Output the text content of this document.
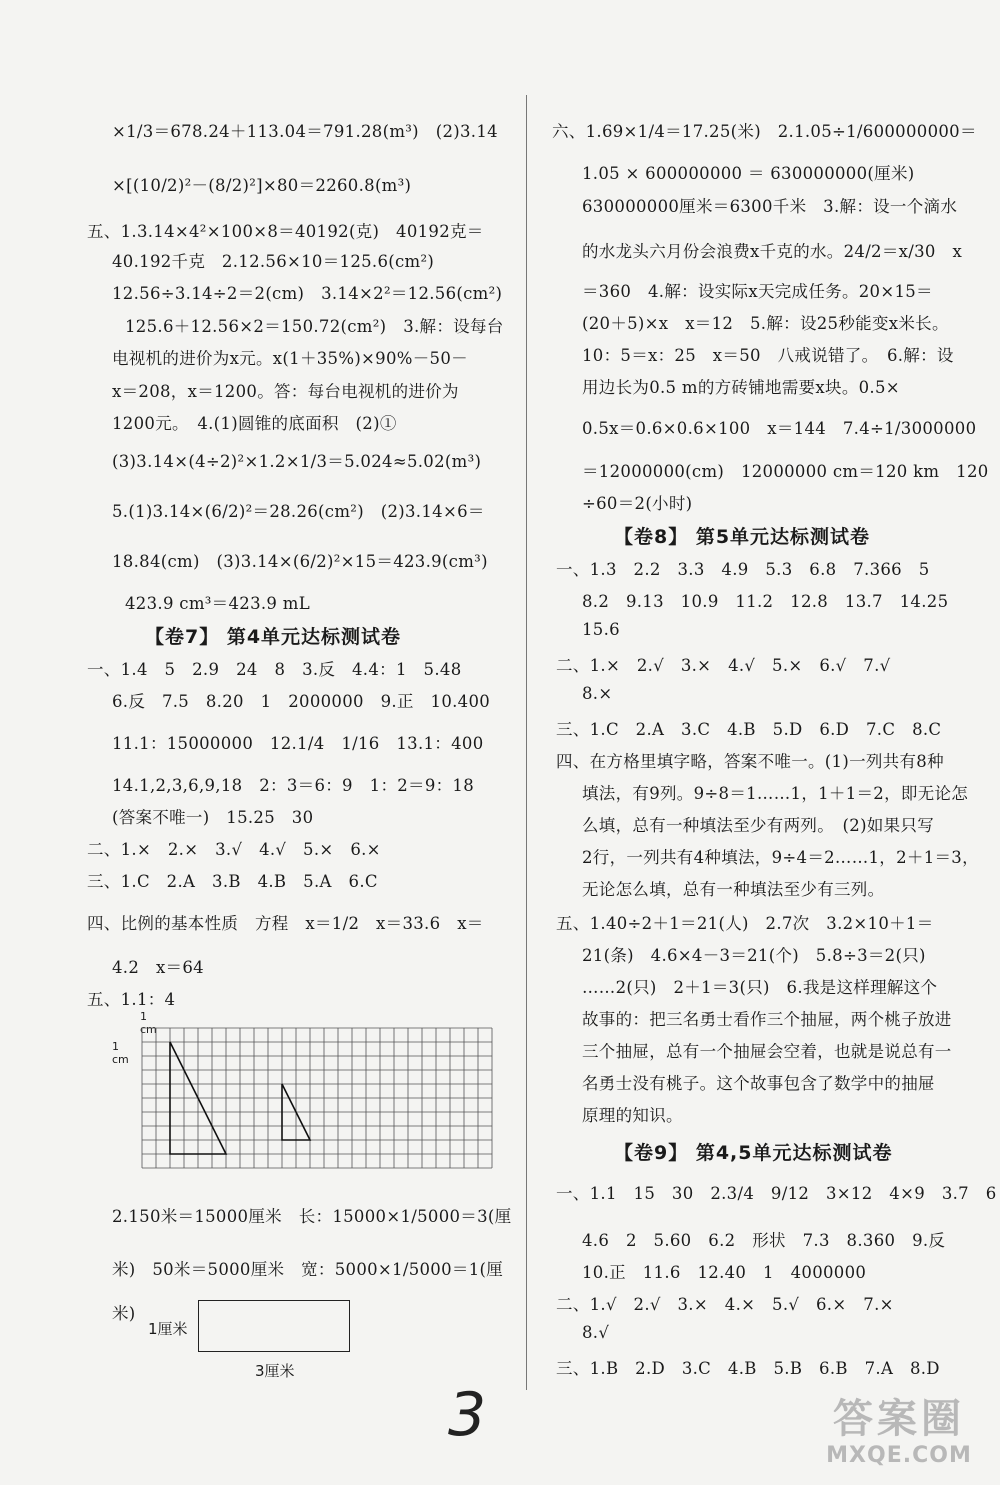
×1/3＝678.24＋113.04＝791.28(m³)　(2)3.14
×[(10/2)²－(8/2)²]×80＝2260.8(m³)
五、1.3.14×4²×100×8＝40192(克)　40192克＝
40.192千克　2.12.56×10＝125.6(cm²)
12.56÷3.14÷2＝2(cm)　3.14×2²＝12.56(cm²)
125.6＋12.56×2＝150.72(cm²)　3.解：设每台
电视机的进价为x元。x(1＋35%)×90%－50－
x＝208，x＝1200。答：每台电视机的进价为
1200元。　4.(1)圆锥的底面积　(2)①
(3)3.14×(4÷2)²×1.2×1/3＝5.024≈5.02(m³)
5.(1)3.14×(6/2)²＝28.26(cm²)　(2)3.14×6＝
18.84(cm)　(3)3.14×(6/2)²×15＝423.9(cm³)
423.9 cm³＝423.9 mL
【卷7】 第4单元达标测试卷
一、1.4　5　2.9　24　8　3.反　4.4：1　5.48
6.反　7.5　8.20　1　2000000　9.正　10.400
11.1：15000000　12.1/4　1/16　13.1：400
14.1,2,3,6,9,18　2：3＝6：9　1：2＝9：18
(答案不唯一)　15.25　30
二、1.×　2.×　3.√　4.√　5.×　6.×
三、1.C　2.A　3.B　4.B　5.A　6.C
四、比例的基本性质　方程　x＝1/2　x＝33.6　x＝
4.2　x＝64
五、1.1：4
2.150米＝15000厘米　长：15000×1/5000＝3(厘
米)　50米＝5000厘米　宽：5000×1/5000＝1(厘
米)
六、1.69×1/4＝17.25(米)　2.1.05÷1/600000000＝
1.05 × 600000000 ＝ 630000000(厘米)
630000000厘米＝6300千米　3.解：设一个滴水
的水龙头六月份会浪费x千克的水。24/2＝x/30　x
＝360　4.解：设实际x天完成任务。20×15＝
(20＋5)×x　x＝12　5.解：设25秒能变x米长。
10：5＝x：25　x＝50　八戒说错了。　6.解：设
用边长为0.5 m的方砖铺地需要x块。0.5×
0.5x＝0.6×0.6×100　x＝144　7.4÷1/3000000
＝12000000(cm)　12000000 cm＝120 km　120
÷60＝2(小时)
【卷8】 第5单元达标测试卷
一、1.3　2.2　3.3　4.9　5.3　6.8　7.366　5
8.2　9.13　10.9　11.2　12.8　13.7　14.25
15.6
二、1.×　2.√　3.×　4.√　5.×　6.√　7.√
8.×
三、1.C　2.A　3.C　4.B　5.D　6.D　7.C　8.C
四、在方格里填字略，答案不唯一。(1)一列共有8种
填法，有9列。9÷8＝1……1，1＋1＝2，即无论怎
么填，总有一种填法至少有两列。　(2)如果只写
2行，一列共有4种填法，9÷4＝2……1，2＋1＝3，
无论怎么填，总有一种填法至少有三列。
五、1.40÷2＋1＝21(人)　2.7次　3.2×10＋1＝
21(条)　4.6×4－3＝21(个)　5.8÷3＝2(只)
……2(只)　2＋1＝3(只)　6.我是这样理解这个
故事的：把三名勇士看作三个抽屉，两个桃子放进
三个抽屉，总有一个抽屉会空着，也就是说总有一
名勇士没有桃子。这个故事包含了数学中的抽屉
原理的知识。
【卷9】 第4,5单元达标测试卷
一、1.1　15　30　2.3/4　9/12　3×12　4×9　3.7　6
4.6　2　5.60　6.2　形状　7.3　8.360　9.反
10.正　11.6　12.40　1　4000000
二、1.√　2.√　3.×　4.×　5.√　6.×　7.×
8.√
三、1.B　2.D　3.C　4.B　5.B　6.B　7.A　8.D
1 cm
1 cm
1厘米
3厘米
3	答案圈
MXQE.COM
